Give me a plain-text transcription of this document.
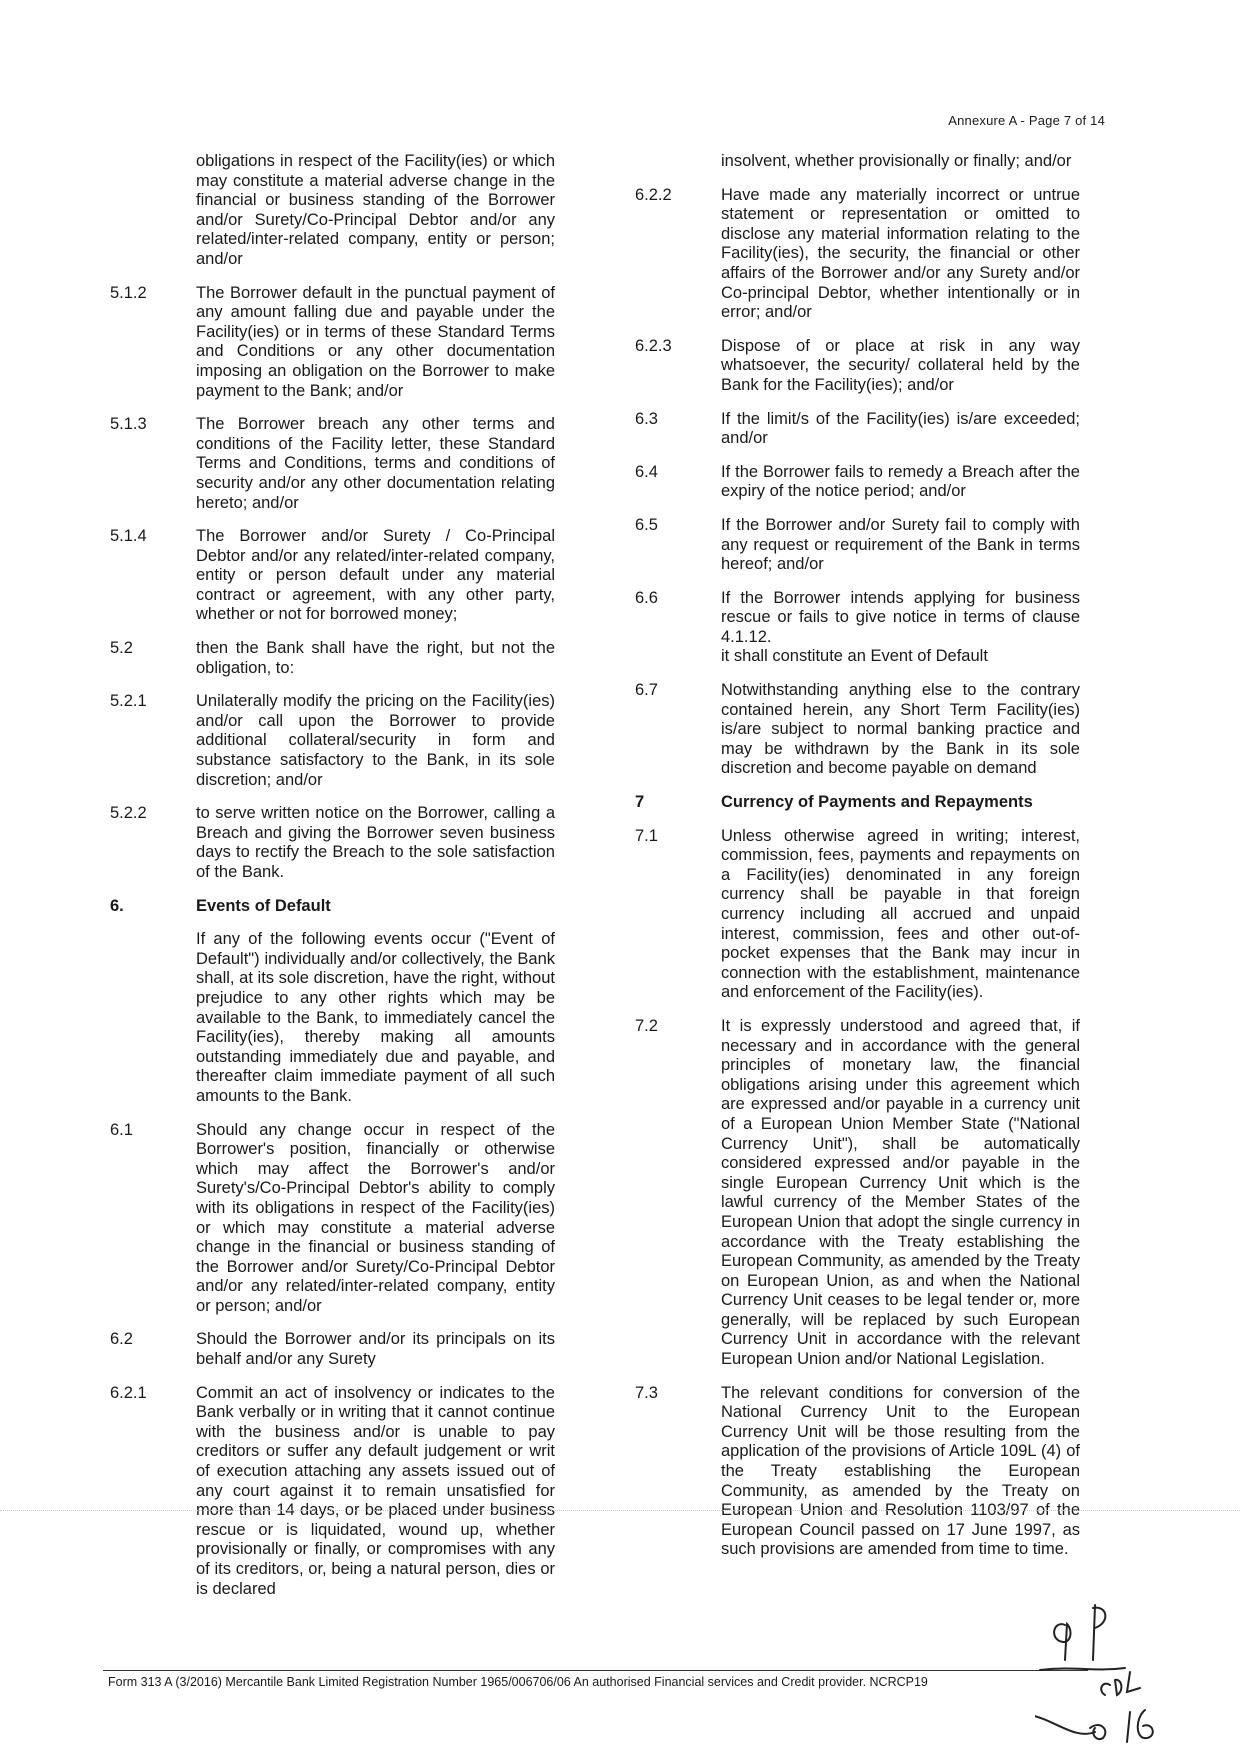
Annexure A - Page 7 of 14
obligations in respect of the Facility(ies) or which may constitute a material adverse change in the financial or business standing of the Borrower and/or Surety/Co-Principal Debtor and/or any related/inter-related company, entity or person; and/or
5.1.2	The Borrower default in the punctual payment of any amount falling due and payable under the Facility(ies) or in terms of these Standard Terms and Conditions or any other documentation imposing an obligation on the Borrower to make payment to the Bank; and/or
5.1.3	The Borrower breach any other terms and conditions of the Facility letter, these Standard Terms and Conditions, terms and conditions of security and/or any other documentation relating hereto; and/or
5.1.4	The Borrower and/or Surety / Co-Principal Debtor and/or any related/inter-related company, entity or person default under any material contract or agreement, with any other party, whether or not for borrowed money;
5.2	then the Bank shall have the right, but not the obligation, to:
5.2.1	Unilaterally modify the pricing on the Facility(ies) and/or call upon the Borrower to provide additional collateral/security in form and substance satisfactory to the Bank, in its sole discretion; and/or
5.2.2	to serve written notice on the Borrower, calling a Breach and giving the Borrower seven business days to rectify the Breach to the sole satisfaction of the Bank.
6.	Events of Default
If any of the following events occur ("Event of Default") individually and/or collectively, the Bank shall, at its sole discretion, have the right, without prejudice to any other rights which may be available to the Bank, to immediately cancel the Facility(ies), thereby making all amounts outstanding immediately due and payable, and thereafter claim immediate payment of all such amounts to the Bank.
6.1	Should any change occur in respect of the Borrower's position, financially or otherwise which may affect the Borrower's and/or Surety's/Co-Principal Debtor's ability to comply with its obligations in respect of the Facility(ies) or which may constitute a material adverse change in the financial or business standing of the Borrower and/or Surety/Co-Principal Debtor and/or any related/inter-related company, entity or person; and/or
6.2	Should the Borrower and/or its principals on its behalf and/or any Surety
6.2.1	Commit an act of insolvency or indicates to the Bank verbally or in writing that it cannot continue with the business and/or is unable to pay creditors or suffer any default judgement or writ of execution attaching any assets issued out of any court against it to remain unsatisfied for more than 14 days, or be placed under business rescue or is liquidated, wound up, whether provisionally or finally, or compromises with any of its creditors, or, being a natural person, dies or is declared
insolvent, whether provisionally or finally; and/or
6.2.2	Have made any materially incorrect or untrue statement or representation or omitted to disclose any material information relating to the Facility(ies), the security, the financial or other affairs of the Borrower and/or any Surety and/or Co-principal Debtor, whether intentionally or in error; and/or
6.2.3	Dispose of or place at risk in any way whatsoever, the security/ collateral held by the Bank for the Facility(ies); and/or
6.3	If the limit/s of the Facility(ies) is/are exceeded; and/or
6.4	If the Borrower fails to remedy a Breach after the expiry of the notice period; and/or
6.5	If the Borrower and/or Surety fail to comply with any request or requirement of the Bank in terms hereof; and/or
6.6	If the Borrower intends applying for business rescue or fails to give notice in terms of clause 4.1.12.
it shall constitute an Event of Default
6.7	Notwithstanding anything else to the contrary contained herein, any Short Term Facility(ies) is/are subject to normal banking practice and may be withdrawn by the Bank in its sole discretion and become payable on demand
7	Currency of Payments and Repayments
7.1	Unless otherwise agreed in writing; interest, commission, fees, payments and repayments on a Facility(ies) denominated in any foreign currency shall be payable in that foreign currency including all accrued and unpaid interest, commission, fees and other out-of-pocket expenses that the Bank may incur in connection with the establishment, maintenance and enforcement of the Facility(ies).
7.2	It is expressly understood and agreed that, if necessary and in accordance with the general principles of monetary law, the financial obligations arising under this agreement which are expressed and/or payable in a currency unit of a European Union Member State ("National Currency Unit"), shall be automatically considered expressed and/or payable in the single European Currency Unit which is the lawful currency of the Member States of the European Union that adopt the single currency in accordance with the Treaty establishing the European Community, as amended by the Treaty on European Union, as and when the National Currency Unit ceases to be legal tender or, more generally, will be replaced by such European Currency Unit in accordance with the relevant European Union and/or National Legislation.
7.3	The relevant conditions for conversion of the National Currency Unit to the European Currency Unit will be those resulting from the application of the provisions of Article 109L (4) of the Treaty establishing the European Community, as amended by the Treaty on European Union and Resolution 1103/97 of the European Council passed on 17 June 1997, as such provisions are amended from time to time.
Form 313 A (3/2016) Mercantile Bank Limited Registration Number 1965/006706/06 An authorised Financial services and Credit provider. NCRCP19
